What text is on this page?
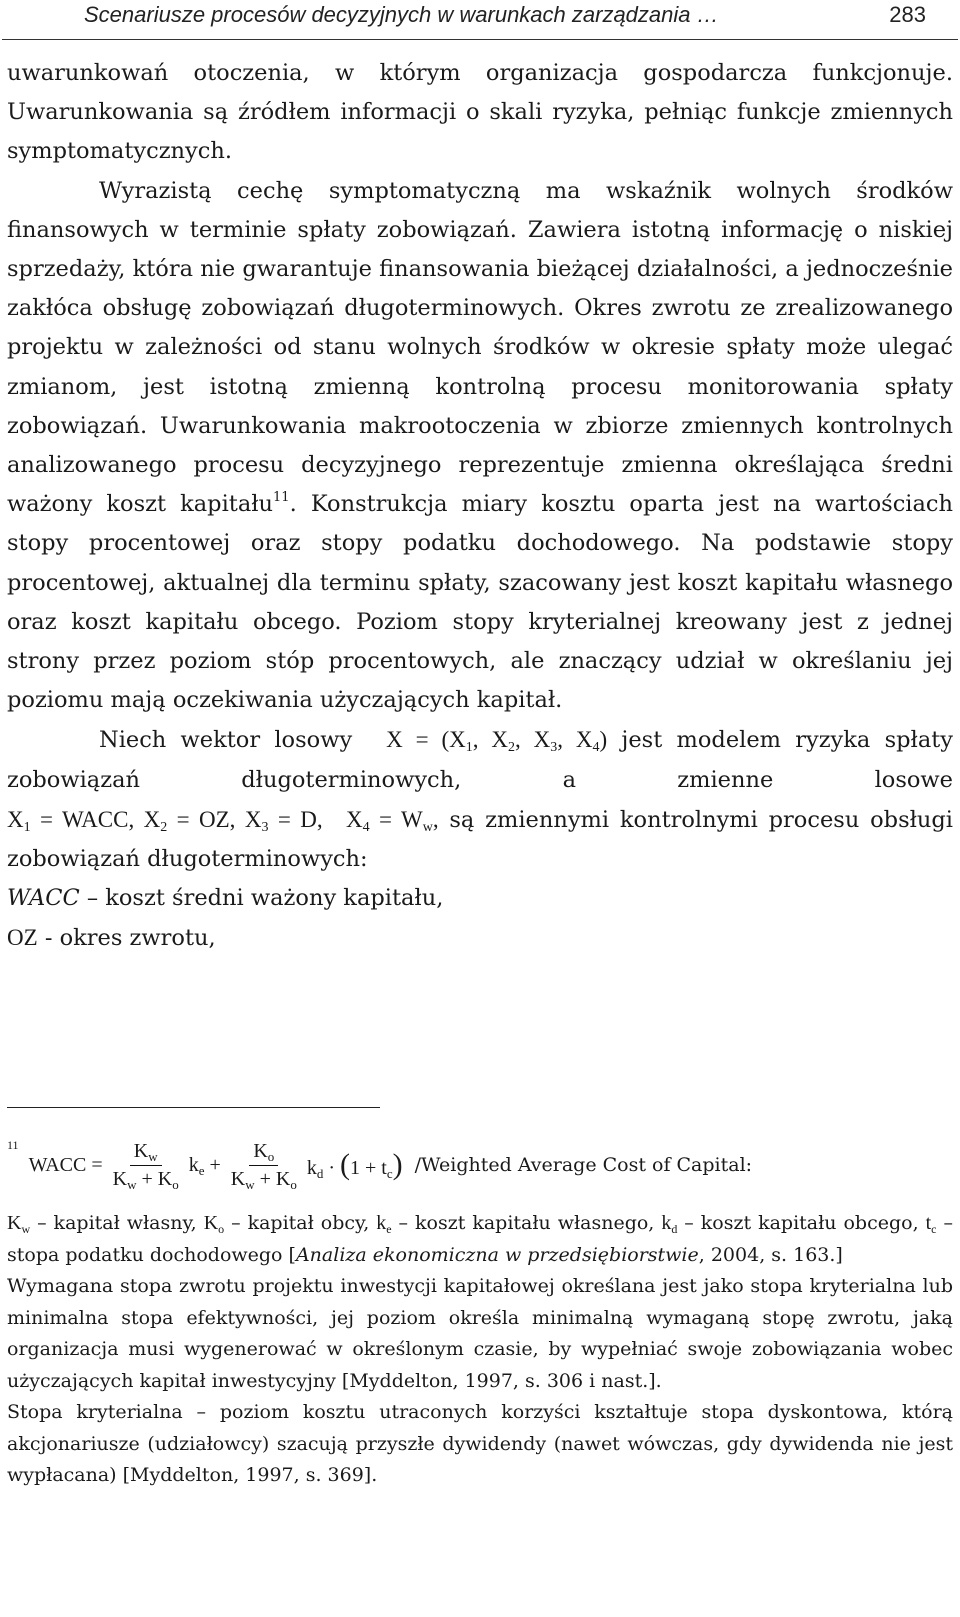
Scenariusze procesów decyzyjnych w warunkach zarządzania …	283

uwarunkowań otoczenia, w którym organizacja gospodarcza funkcjonuje. Uwarunkowania są źródłem informacji o skali ryzyka, pełniąc funkcje zmiennych symptomatycznych.

Wyrazistą cechę symptomatyczną ma wskaźnik wolnych środków finansowych w terminie spłaty zobowiązań. Zawiera istotną informację o niskiej sprzedaży, która nie gwarantuje finansowania bieżącej działalności, a jednocześnie zakłóca obsługę zobowiązań długoterminowych. Okres zwrotu ze zrealizowanego projektu w zależności od stanu wolnych środków w okresie spłaty może ulegać zmianom, jest istotną zmienną kontrolną procesu monitorowania spłaty zobowiązań. Uwarunkowania makrootoczenia w zbiorze zmiennych kontrolnych analizowanego procesu decyzyjnego reprezentuje zmienna określająca średni ważony koszt kapitału$^{11}$. Konstrukcja miary kosztu oparta jest na wartościach stopy procentowej oraz stopy podatku dochodowego. Na podstawie stopy procentowej, aktualnej dla terminu spłaty, szacowany jest koszt kapitału własnego oraz koszt kapitału obcego. Poziom stopy kryterialnej kreowany jest z jednej strony przez poziom stóp procentowych, ale znaczący udział w określaniu jej poziomu mają oczekiwania użyczających kapitał.

Niech wektor losowy $X = (X_1$, $X_2$, $X_3$, $X_4$) jest modelem ryzyka spłaty zobowiązań długoterminowych, a zmienne losowe $X_1$ = WACC, $X_2$ = OZ, $X_3 = D$, $X_4 = W_w$, są zmiennymi kontrolnymi procesu obsługi zobowiązań długoterminowych:

WACC – koszt średni ważony kapitału,

OZ - okres zwrotu,

11
WACC = $\frac{K_w}{K_w + K_o} k_e + \frac{K_o}{K_w + K_o} k_d \cdot (1 + t_c)$ /Weighted Average Cost of Capital:

$K_w$ – kapitał własny, $K_o$ – kapitał obcy, $k_e$ – koszt kapitału własnego, $k_d$ – koszt kapitału obcego, $t_c$ – stopa podatku dochodowego [Analiza ekonomiczna w przedsiębiorstwie, 2004, s. 163.]

Wymagana stopa zwrotu projektu inwestycji kapitałowej określana jest jako stopa kryterialna lub minimalna stopa efektywności, jej poziom określa minimalną wymaganą stopę zwrotu, jaką organizacja musi wygenerować w określonym czasie, by wypełniać swoje zobowiązania wobec użyczających kapitał inwestycyjny [Myddelton, 1997, s. 306 i nast.].

Stopa kryterialna – poziom kosztu utraconych korzyści kształtuje stopa dyskontowa, którą akcjonariusze (udziałowcy) szacują przyszłe dywidendy (nawet wówczas, gdy dywidenda nie jest wypłacana) [Myddelton, 1997, s. 369].
